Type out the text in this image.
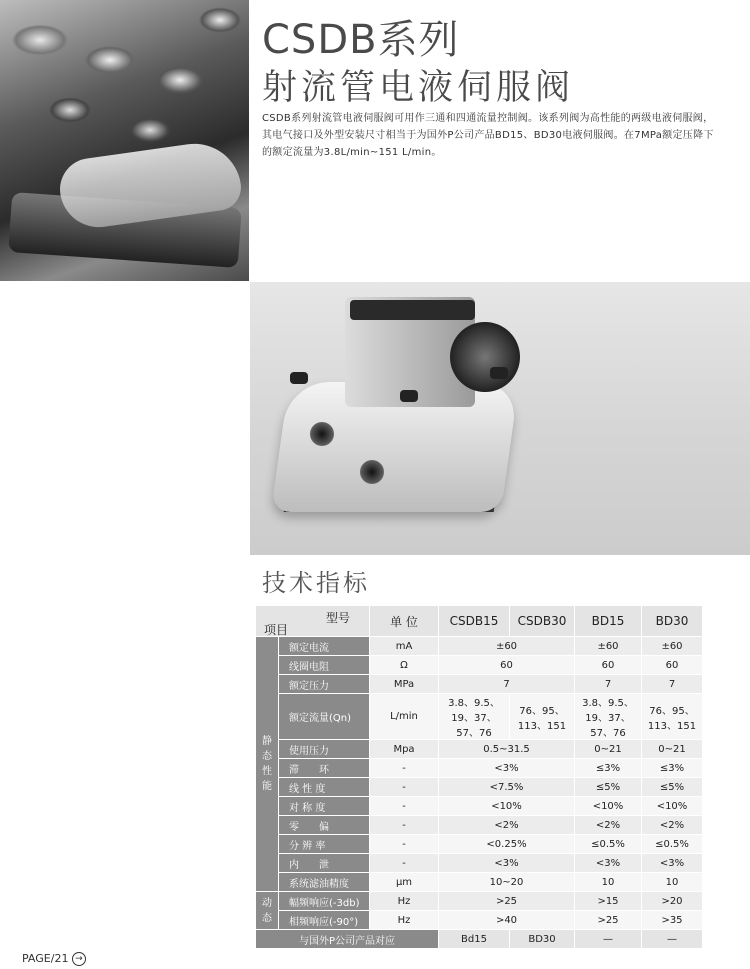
CSDB系列
射流管电液伺服阀
CSDB系列射流管电液伺服阀可用作三通和四通流量控制阀。该系列阀为高性能的两级电液伺服阀，其电气接口及外型安装尺寸相当于为国外P公司产品BD15、BD30电液伺服阀。在7MPa额定压降下的额定流量为3.8L/min~151 L/min。
技术指标
型号
项目		单 位	CSDB15	CSDB30	BD15	BD30
静
态
性
能	额定电流	mA	±60		±60	±60
	线圈电阻	Ω	60		60	60
	额定压力	MPa	7		7	7
	额定流量(Qn)	L/min	3.8、9.5、19、37、57、76	76、95、113、151	3.8、9.5、19、37、57、76	76、95、113、151
	使用压力	Mpa	0.5~31.5		0~21	0~21
	滞　　环	-	<3%		≤3%	≤3%
	线 性 度	-	<7.5%		≤5%	≤5%
	对 称 度	-	<10%		<10%	<10%
	零　　偏	-	<2%		<2%	<2%
	分 辨 率	-	<0.25%		≤0.5%	≤0.5%
	内　　泄	-	<3%		<3%	<3%
	系统滤油精度	μm	10~20		10	10
动
态	幅频响应(-3db)	Hz	>25		>15	>20
	相频响应(-90°)	Hz	>40		>25	>35
与国外P公司产品对应			Bd15	BD30	—	—
PAGE/21 →
